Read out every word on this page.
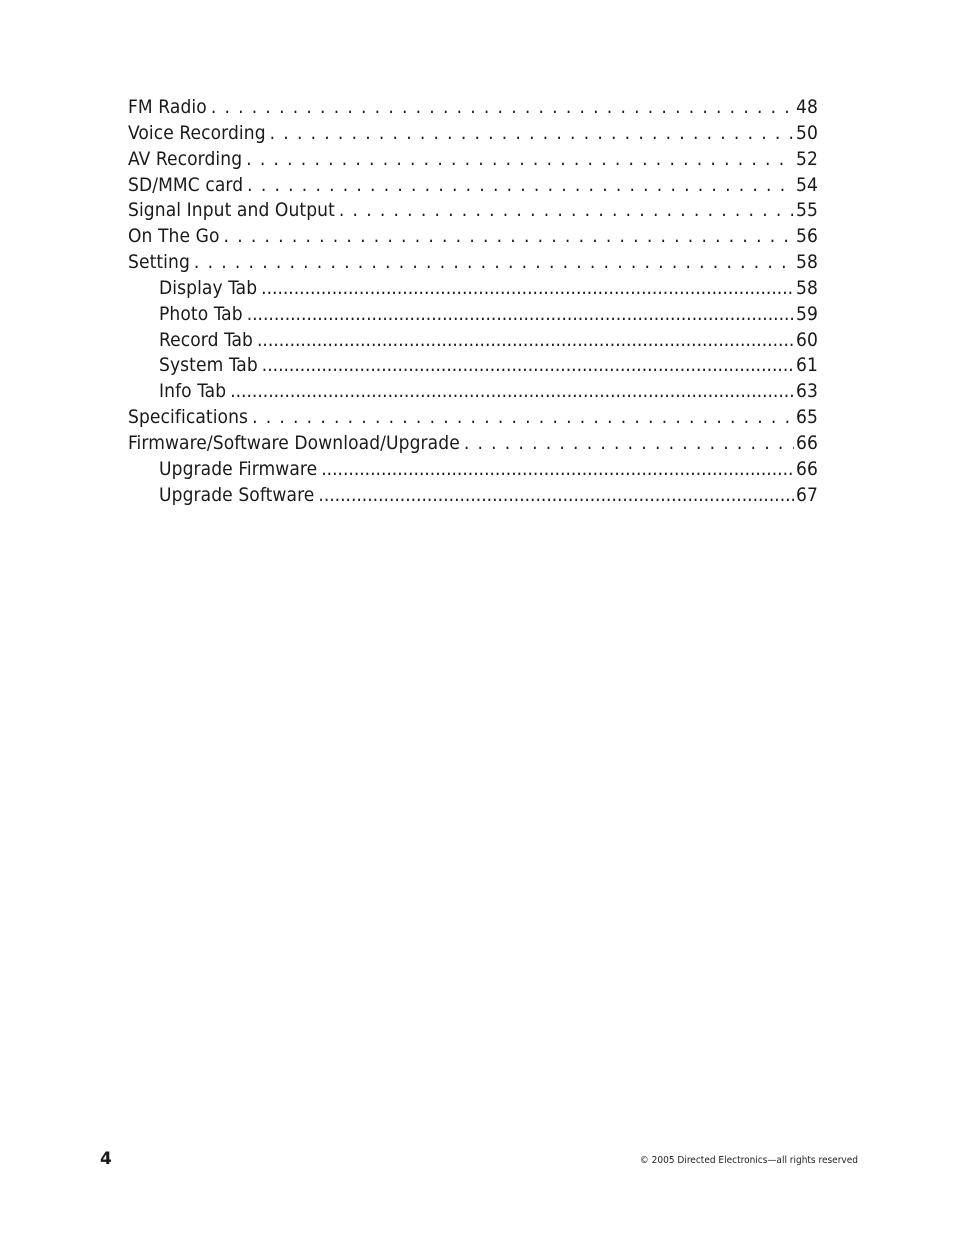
FM Radio . . .	48
Voice Recording . . .	50
AV Recording . . .	52
SD/MMC card . . .	54
Signal Input and Output . . .	55
On The Go . . .	56
Setting . . .	58
Display Tab .....	58
Photo Tab .....	59
Record Tab .....	60
System Tab .....	61
Info Tab .....	63
Specifications . . .	65
Firmware/Software Download/Upgrade . . .	66
Upgrade Firmware .....	66
Upgrade Software .....	67
4	© 2005 Directed Electronics—all rights reserved
